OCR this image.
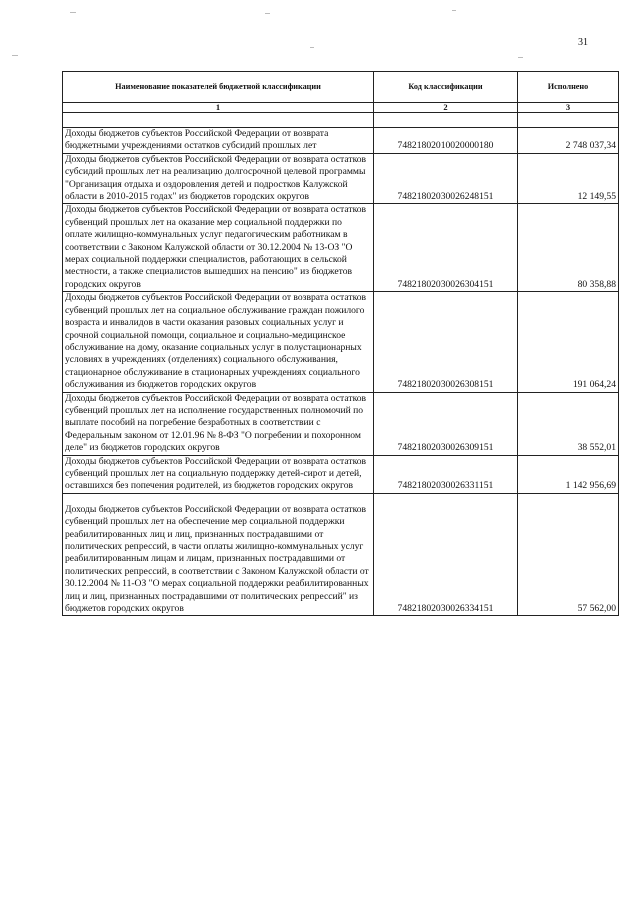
31
Наименование показателей бюджетной классификации	Код классификации	Исполнено
1	2	3

Доходы бюджетов субъектов Российской Федерации от возврата бюджетными учреждениями остатков субсидий прошлых лет	74821802010020000180	2 748 037,34
Доходы бюджетов субъектов Российской Федерации от возврата остатков субсидий прошлых лет на реализацию долгосрочной целевой программы "Организация отдыха и оздоровления детей и подростков Калужской области в 2010-2015 годах" из бюджетов городских округов	74821802030026248151	12 149,55
Доходы бюджетов субъектов Российской Федерации от возврата остатков субвенций прошлых лет на оказание мер социальной поддержки по оплате жилищно-коммунальных услуг педагогическим работникам в соответствии с Законом Калужской области от 30.12.2004 № 13-ОЗ "О мерах социальной поддержки специалистов, работающих в сельской местности, а также специалистов вышедших на пенсию" из бюджетов городских округов	74821802030026304151	80 358,88
Доходы бюджетов субъектов Российской Федерации от возврата остатков субвенций прошлых лет на социальное обслуживание граждан пожилого возраста и инвалидов в части оказания разовых социальных услуг и срочной социальной помощи, социальное и социально-медицинское обслуживание на дому, оказание социальных услуг в полустационарных условиях в учреждениях (отделениях) социального обслуживания, стационарное обслуживание в стационарных учреждениях социального обслуживания из бюджетов городских округов	74821802030026308151	191 064,24
Доходы бюджетов субъектов Российской Федерации от возврата остатков субвенций прошлых лет на исполнение государственных полномочий по выплате пособий на погребение безработных в соответствии с Федеральным законом от 12.01.96 № 8-ФЗ "О погребении и похоронном деле" из бюджетов городских округов	74821802030026309151	38 552,01
Доходы бюджетов субъектов Российской Федерации от возврата остатков субвенций прошлых лет на социальную поддержку детей-сирот и детей, оставшихся без попечения родителей, из бюджетов городских округов	74821802030026331151	1 142 956,69
Доходы бюджетов субъектов Российской Федерации от возврата остатков субвенций прошлых лет на обеспечение мер социальной поддержки реабилитированных лиц и лиц, признанных пострадавшими от политических репрессий, в части оплаты жилищно-коммунальных услуг реабилитированным лицам и лицам, признанных пострадавшими от политических репрессий, в соответствии с Законом Калужской области от 30.12.2004 № 11-ОЗ "О мерах социальной поддержки реабилитированных лиц и лиц, признанных пострадавшими от политических репрессий" из бюджетов городских округов	74821802030026334151	57 562,00
